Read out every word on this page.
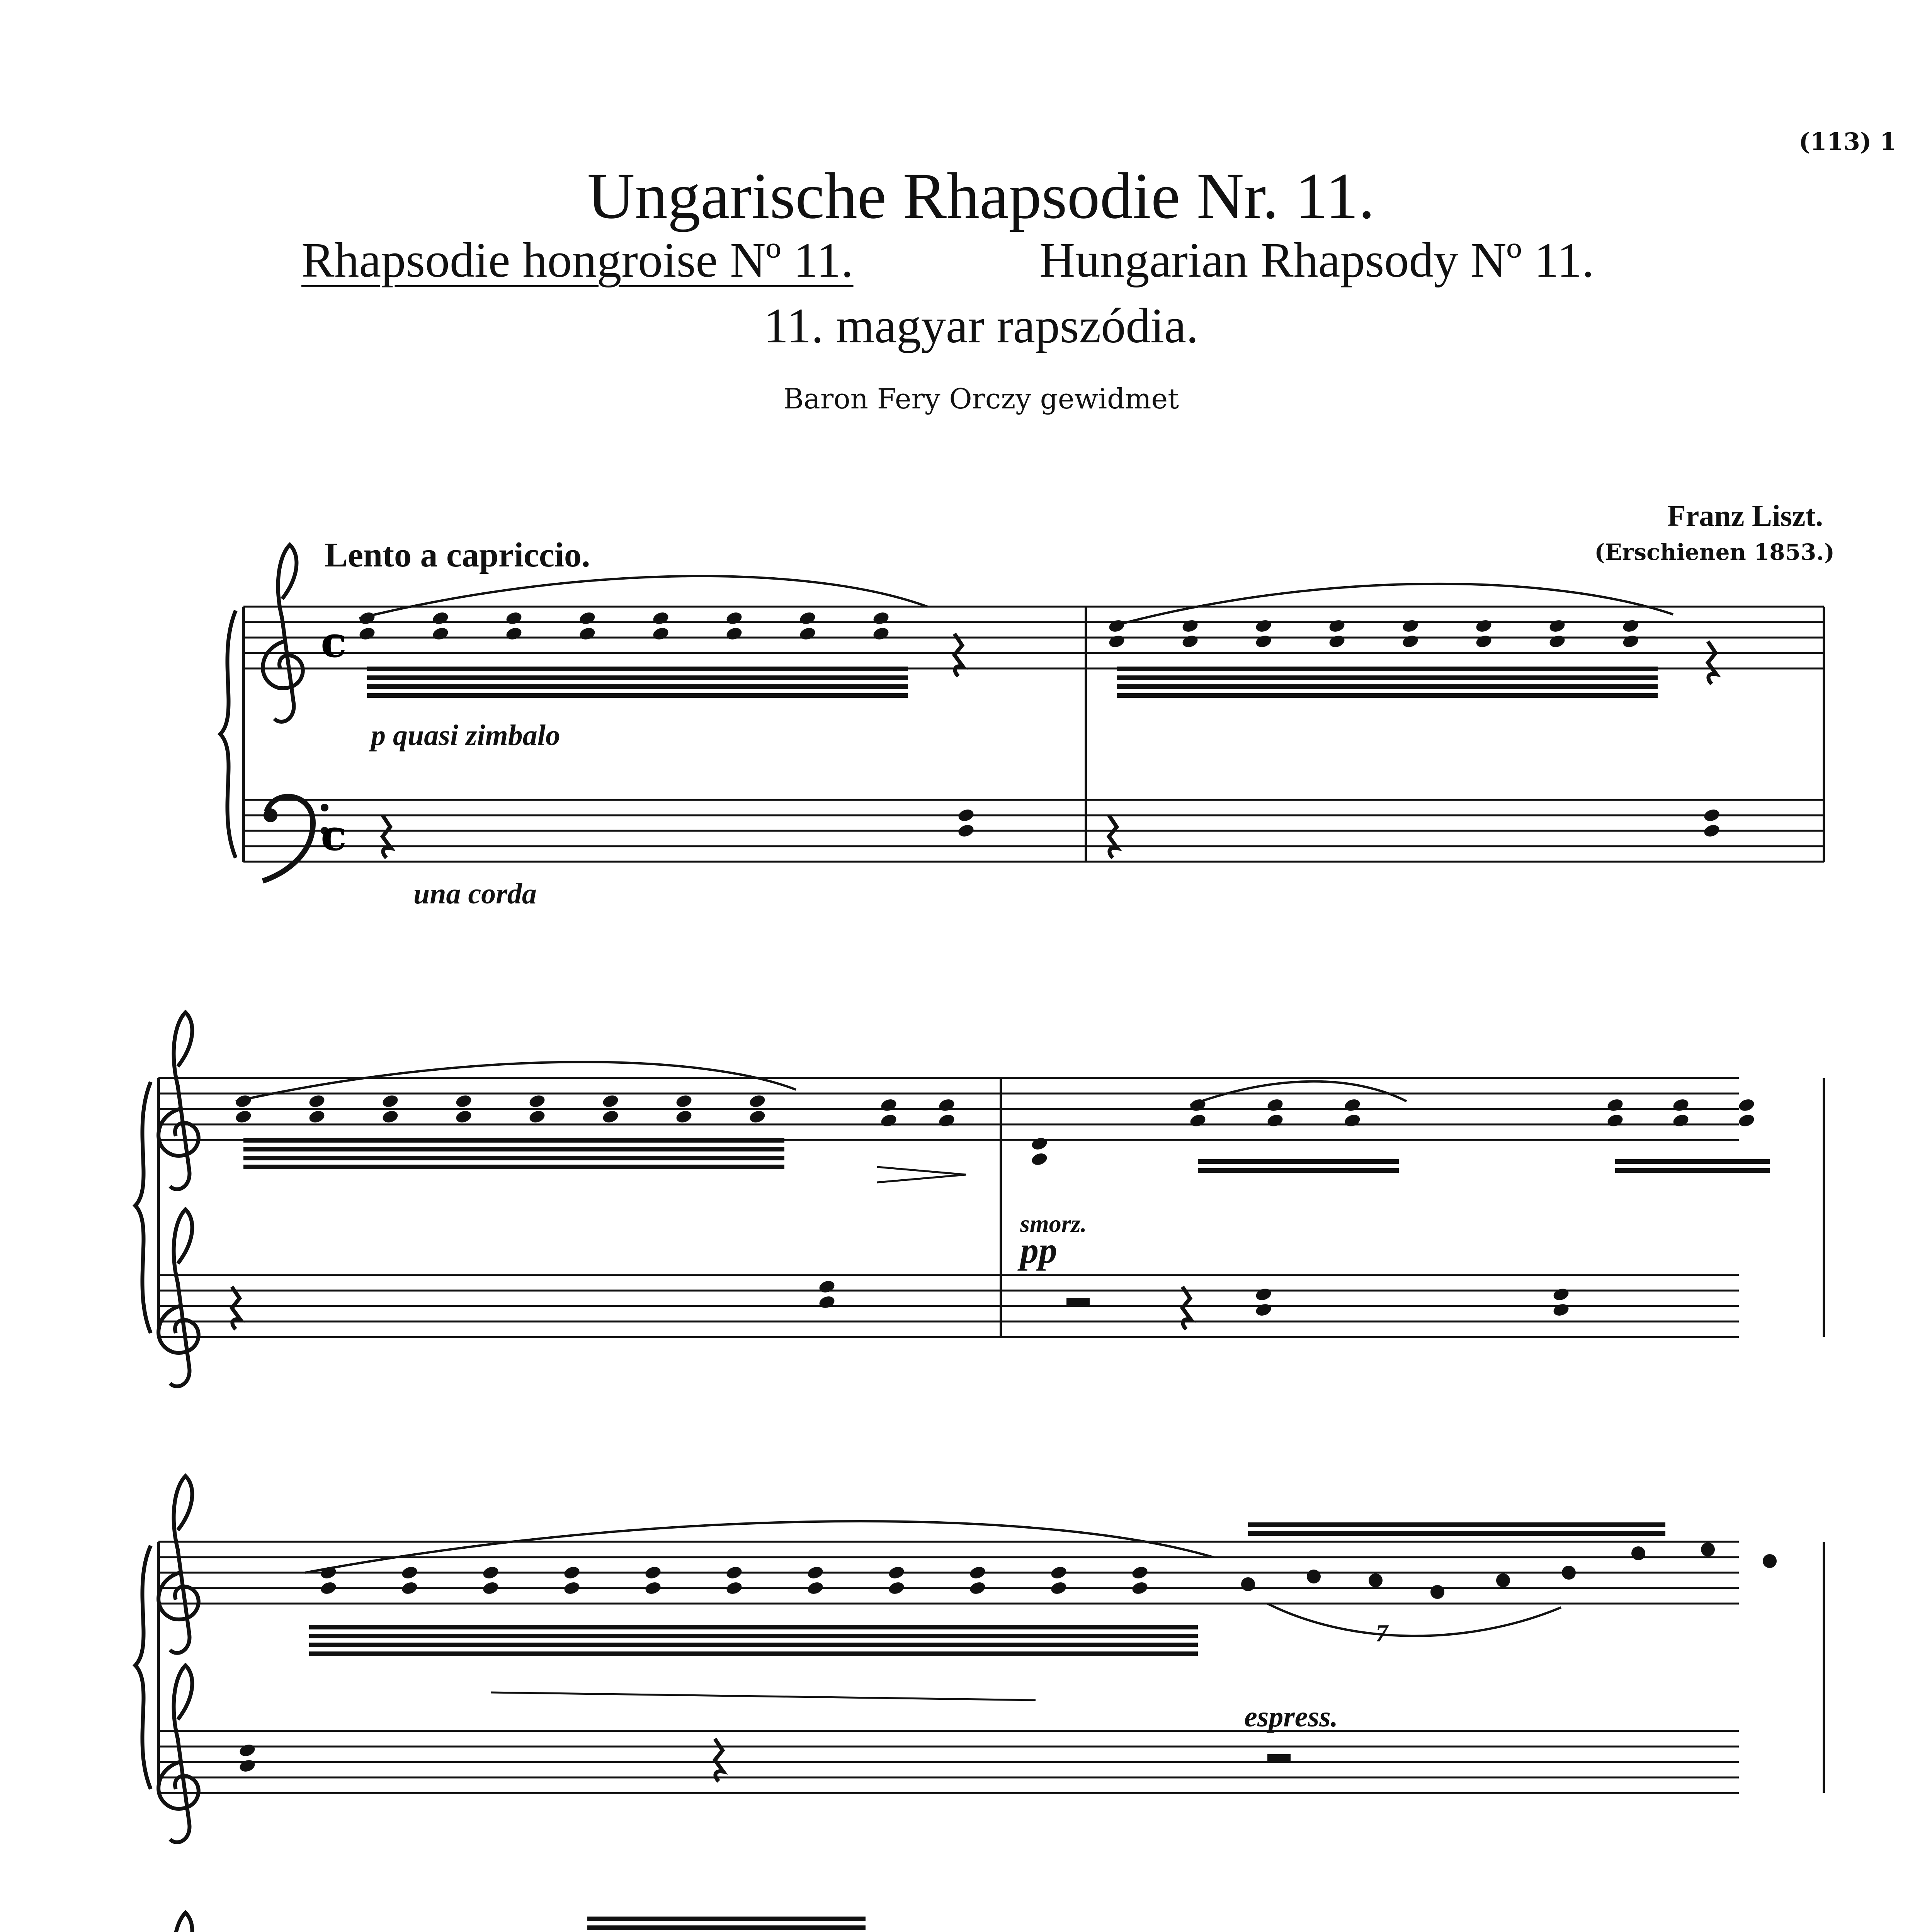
(113) 1
Ungarische Rhapsodie Nr. 11.
Rhapsodie hongroise Nº 11.	Hungarian Rhapsody Nº 11.
11. magyar rapszódia.
Baron Fery Orczy gewidmet
Franz Liszt.
(Erschienen 1853.)
Lento a capriccio.
c
c
p quasi zimbalo
una corda
smorz.
pp
espress.
7
